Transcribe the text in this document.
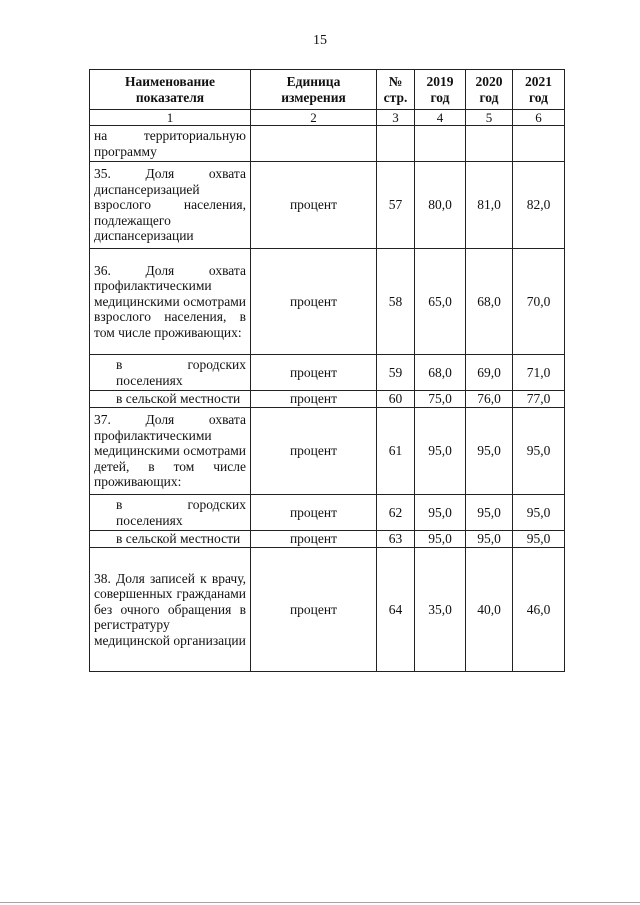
15
Наименование показателя	Единица измерения	№ стр.	2019 год	2020 год	2021 год
1	2	3	4	5	6
на территориальную программу					
35. Доля охвата диспансеризацией взрослого населения, подлежащего диспансеризации	процент	57	80,0	81,0	82,0
36. Доля охвата профилактическими медицинскими осмотрами взрослого населения, в том числе проживающих:	процент	58	65,0	68,0	70,0
в городских поселениях	процент	59	68,0	69,0	71,0
в сельской местности	процент	60	75,0	76,0	77,0
37. Доля охвата профилактическими медицинскими осмотрами детей, в том числе проживающих:	процент	61	95,0	95,0	95,0
в городских поселениях	процент	62	95,0	95,0	95,0
в сельской местности	процент	63	95,0	95,0	95,0
38. Доля записей к врачу, совершенных гражданами без очного обращения в регистратуру медицинской организации	процент	64	35,0	40,0	46,0
